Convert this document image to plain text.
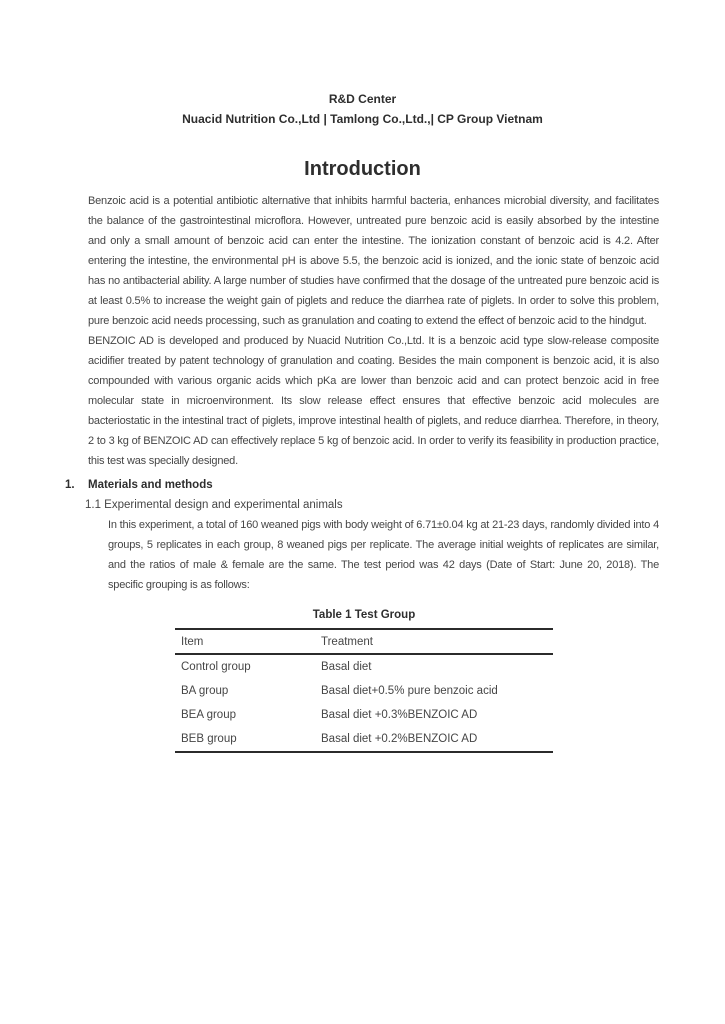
R&D Center
Nuacid Nutrition Co.,Ltd | Tamlong Co.,Ltd.,| CP Group Vietnam
Introduction

Benzoic acid is a potential antibiotic alternative that inhibits harmful bacteria, enhances microbial diversity, and facilitates the balance of the gastrointestinal microflora. However, untreated pure benzoic acid is easily absorbed by the intestine and only a small amount of benzoic acid can enter the intestine. The ionization constant of benzoic acid is 4.2. After entering the intestine, the environmental pH is above 5.5, the benzoic acid is ionized, and the ionic state of benzoic acid has no antibacterial ability. A large number of studies have confirmed that the dosage of the untreated pure benzoic acid is at least 0.5% to increase the weight gain of piglets and reduce the diarrhea rate of piglets. In order to solve this problem, pure benzoic acid needs processing, such as granulation and coating to extend the effect of benzoic acid to the hindgut.

BENZOIC AD is developed and produced by Nuacid Nutrition Co.,Ltd. It is a benzoic acid type slow-release composite acidifier treated by patent technology of granulation and coating. Besides the main component is benzoic acid, it is also compounded with various organic acids which pKa are lower than benzoic acid and can protect benzoic acid in free molecular state in microenvironment. Its slow release effect ensures that effective benzoic acid molecules are bacteriostatic in the intestinal tract of piglets, improve intestinal health of piglets, and reduce diarrhea. Therefore, in theory, 2 to 3 kg of BENZOIC AD can effectively replace 5 kg of benzoic acid. In order to verify its feasibility in production practice, this test was specially designed.

1. Materials and methods
1.1 Experimental design and experimental animals

In this experiment, a total of 160 weaned pigs with body weight of 6.71±0.04 kg at 21-23 days, randomly divided into 4 groups, 5 replicates in each group, 8 weaned pigs per replicate. The average initial weights of replicates are similar, and the ratios of male & female are the same. The test period was 42 days (Date of Start: June 20, 2018). The specific grouping is as follows:

Table 1 Test Group
Item	Treatment
Control group	Basal diet
BA group	Basal diet+0.5% pure benzoic acid
BEA group	Basal diet +0.3%BENZOIC AD
BEB group	Basal diet +0.2%BENZOIC AD
